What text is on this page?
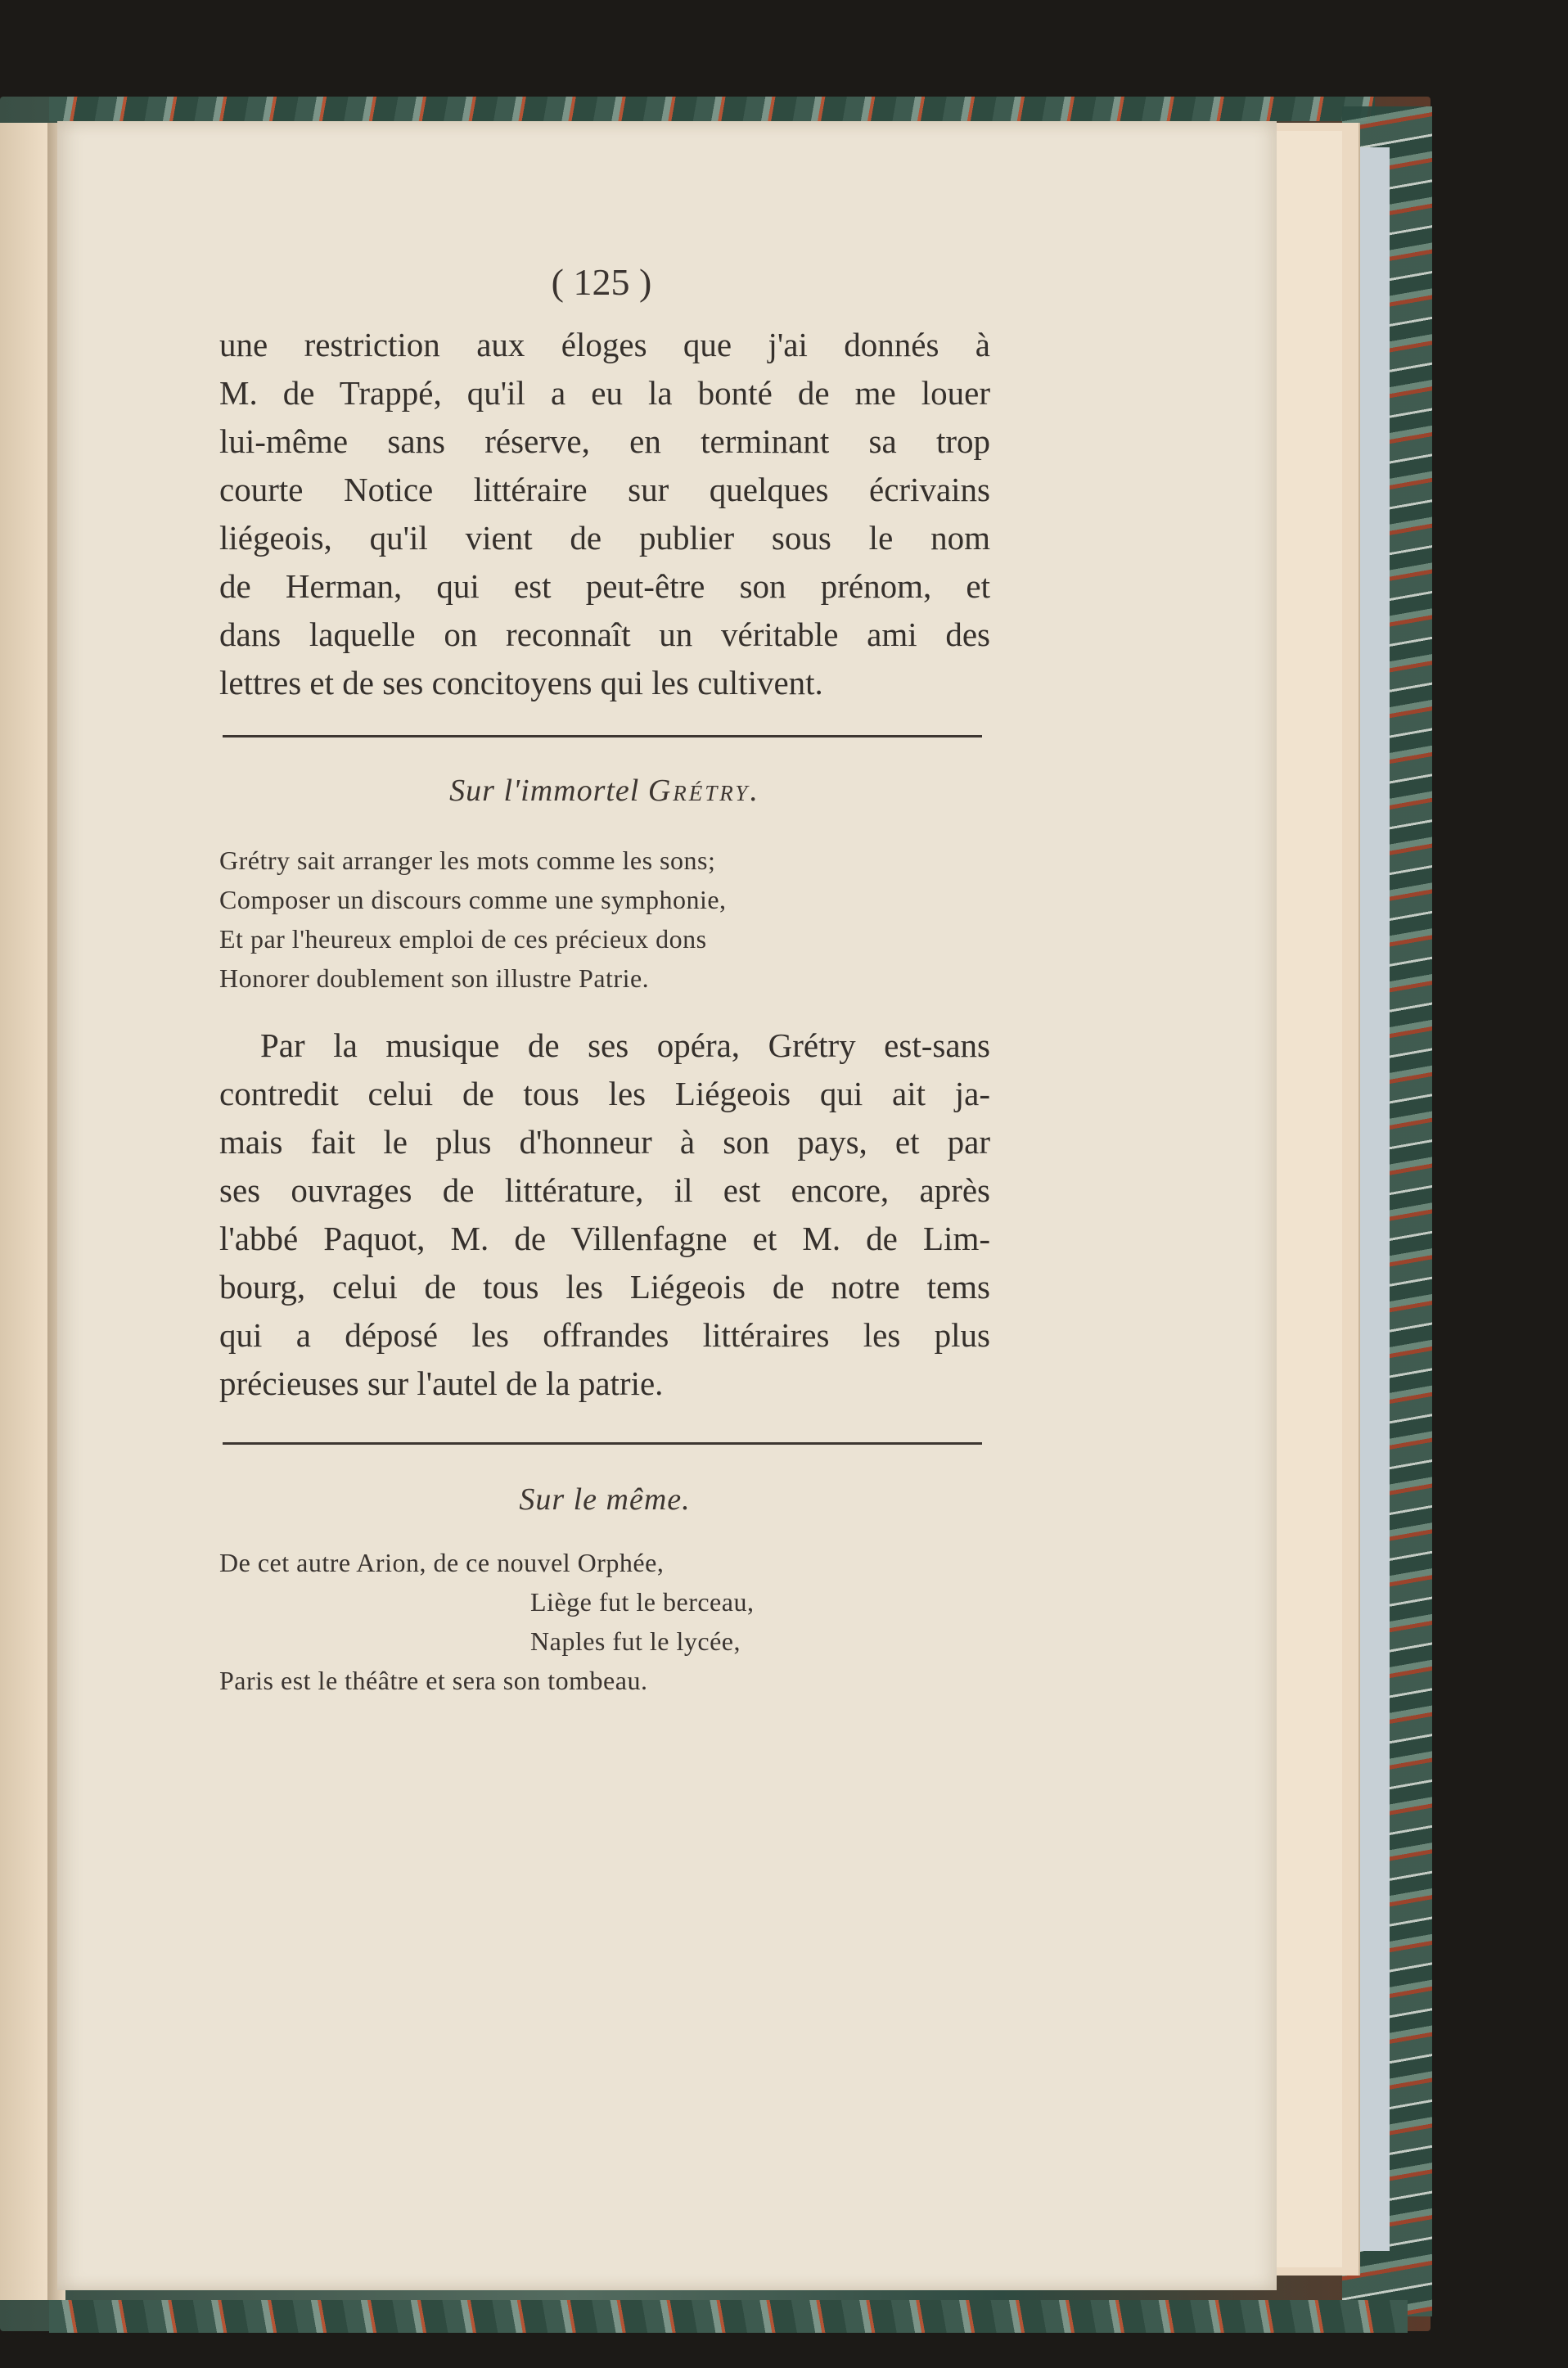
( 125 )
une restriction aux éloges que j'ai donnés à
M. de Trappé, qu'il a eu la bonté de me louer
lui-même sans réserve, en terminant sa trop
courte Notice littéraire sur quelques écrivains
liégeois, qu'il vient de publier sous le nom
de Herman, qui est peut-être son prénom, et
dans laquelle on reconnaît un véritable ami des
lettres et de ses concitoyens qui les cultivent.
Sur l'immortel Grétry.
Grétry sait arranger les mots comme les sons;
Composer un discours comme une symphonie,
Et par l'heureux emploi de ces précieux dons
Honorer doublement son illustre Patrie.
Par la musique de ses opéra, Grétry est-sans
contredit celui de tous les Liégeois qui ait ja-
mais fait le plus d'honneur à son pays, et par
ses ouvrages de littérature, il est encore, après
l'abbé Paquot, M. de Villenfagne et M. de Lim-
bourg, celui de tous les Liégeois de notre tems
qui a déposé les offrandes littéraires les plus
précieuses sur l'autel de la patrie.
Sur le même.
De cet autre Arion, de ce nouvel Orphée,
Liège fut le berceau,
Naples fut le lycée,
Paris est le théâtre et sera son tombeau.
